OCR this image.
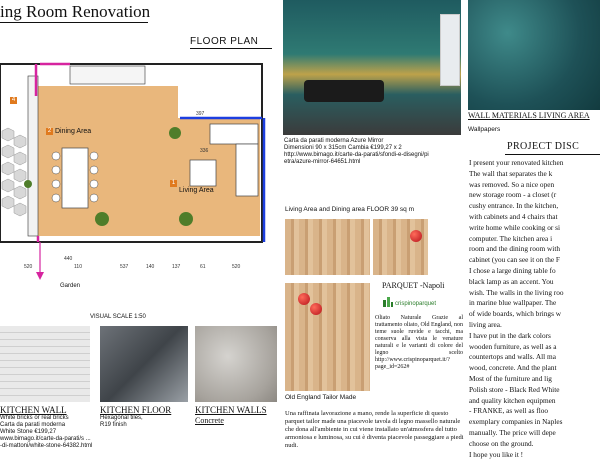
ing Room Renovation
FLOOR PLAN
397
336
520	110	537	140	137	61	520
440
4
2 Dining Area
1
Living Area
Garden
VISUAL SCALE 1:50
KITCHEN WALL
White bricks or real bricks
Carta da parati moderna
White Stone €199,27
www.bimago.it/carte-da-parati/s ...
-di-mattoni/white-stone-64382.html
KITCHEN FLOOR
Hexagonal tiles,
R19 finish
KITCHEN WALLS
Concrete
Carta da parati moderna Azure Mirror
Dimensioni 90 x 315cm Cambia €199,27 x 2
http://www.bimago.it/carte-da-parati/sfondi-e-disegni/pi
etra/azure-mirror-64651.html
Living Area and Dining area FLOOR 39 sq m
PARQUET -Napoli
crispinoparquet
Oliato Naturale Grazie al trattamento oliato, Old England, non teme suole ruvide e tacchi, ma conserva alla vista le venature naturali e le varianti di colore del legno scelto http://www.crispinoparquet.it/?page_id=262#
Old England Tailor Made
Una raffinata lavorazione a mano, rende la superficie di questo parquet tailor made una piacevole tavola di legno massello naturale che dona all'ambiente in cui viene installato un'atmosfera del tutto armoniosa e luminosa, su cui è diventa piacevole passeggiare a piedi nudi.
WALL MATERIALS LIVING AREA
Wallpapers
PROJECT DISC
I present your renovated kitchen
The wall that separates the k
was removed. So a nice open
new storage room - a closet (r
cushy entrance. In the kitchen,
with cabinets and 4 chairs that
write home while cooking or si
computer. The kitchen area i
room and the dining room with
cabinet (you can see it on the F
I chose a large dining table fo
black lamp as an accent. You
wish. The walls in the living roo
in marine blue wallpaper. The
of wide boards, which brings w
living area.
I have put in the dark colors
wooden furniture, as well as a
countertops and walls. All ma
wood, concrete. And the plant
Most of the furniture and lig
Polish store - Black Red White
and quality kitchen equipmen
- FRANKE, as well as floo
exemplary companies in Naples
manually. The price will depe
choose on the ground.
I hope you like it !
